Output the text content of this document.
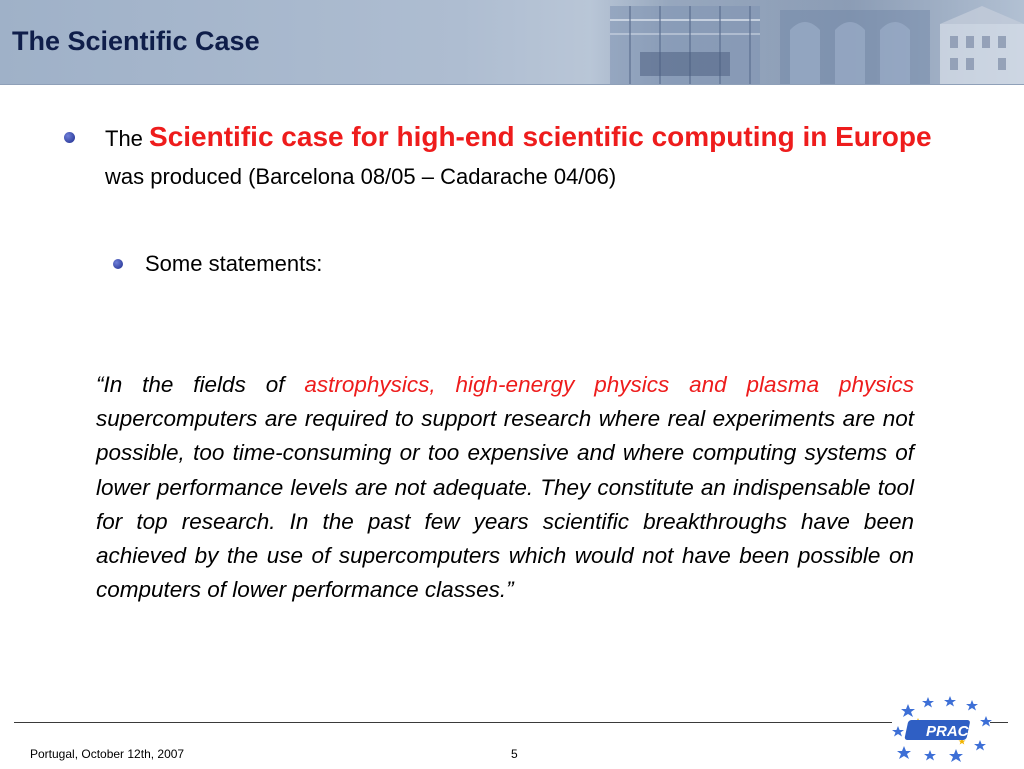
The Scientific Case
The Scientific case for high-end scientific computing in Europe was produced (Barcelona 08/05 – Cadarache 04/06)
Some statements:

“In the fields of astrophysics, high-energy physics and plasma physics supercomputers are required to support research where real experiments are not possible, too time-consuming or too expensive and where computing systems of lower performance levels are not adequate. They constitute an indispensable tool for top research. In the past few years scientific breakthroughs have been achieved by the use of supercomputers which would not have been possible on computers of lower performance classes.”

Portugal, October 12th, 2007	5
PRACE
